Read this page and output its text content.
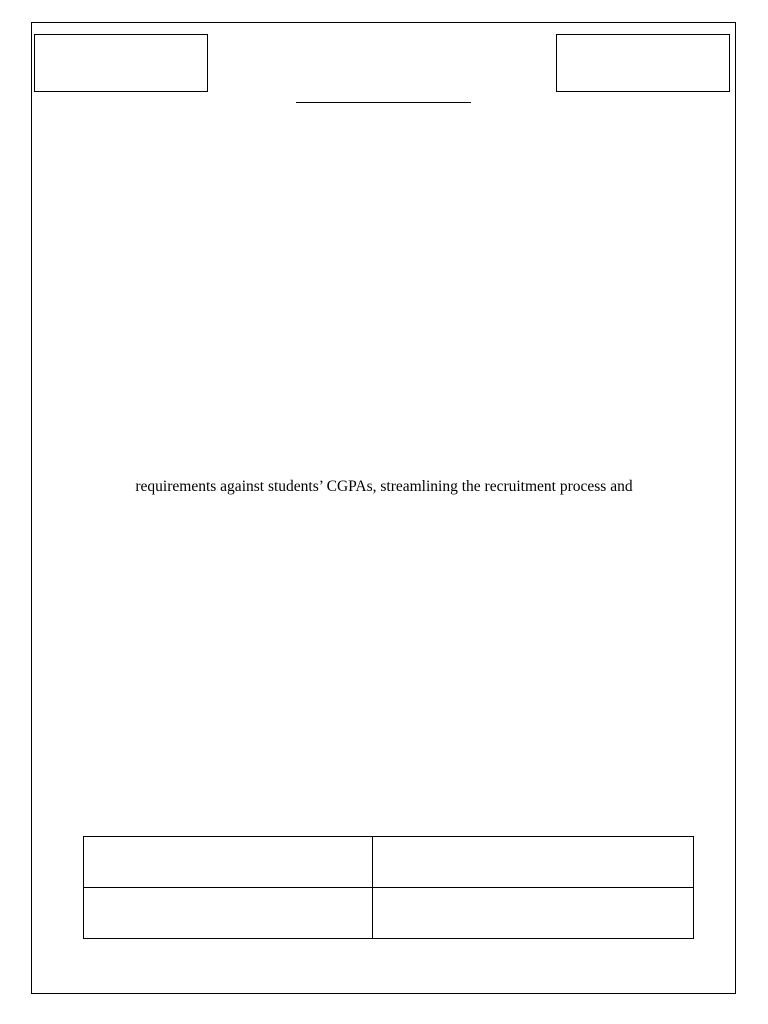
requirements against students’ CGPAs, streamlining the recruitment process and
